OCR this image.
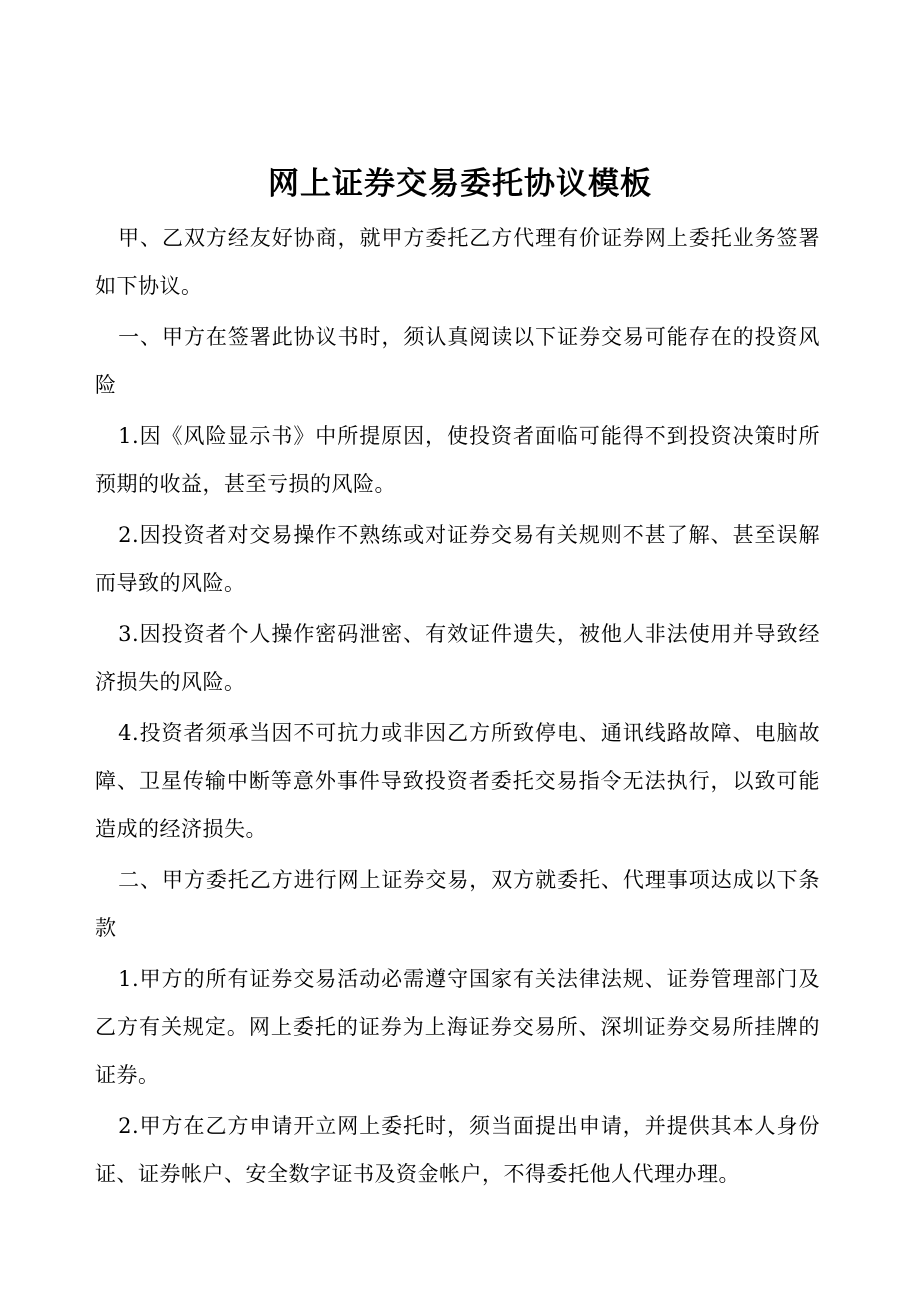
网上证券交易委托协议模板

甲、乙双方经友好协商，就甲方委托乙方代理有价证券网上委托业务签署如下协议。

一、甲方在签署此协议书时，须认真阅读以下证券交易可能存在的投资风险

1.因《风险显示书》中所提原因，使投资者面临可能得不到投资决策时所预期的收益，甚至亏损的风险。

2.因投资者对交易操作不熟练或对证券交易有关规则不甚了解、甚至误解而导致的风险。

3.因投资者个人操作密码泄密、有效证件遗失，被他人非法使用并导致经济损失的风险。

4.投资者须承当因不可抗力或非因乙方所致停电、通讯线路故障、电脑故障、卫星传输中断等意外事件导致投资者委托交易指令无法执行，以致可能造成的经济损失。

二、甲方委托乙方进行网上证券交易，双方就委托、代理事项达成以下条款

1.甲方的所有证券交易活动必需遵守国家有关法律法规、证券管理部门及乙方有关规定。网上委托的证券为上海证券交易所、深圳证券交易所挂牌的证券。

2.甲方在乙方申请开立网上委托时，须当面提出申请，并提供其本人身份证、证券帐户、安全数字证书及资金帐户，不得委托他人代理办理。
